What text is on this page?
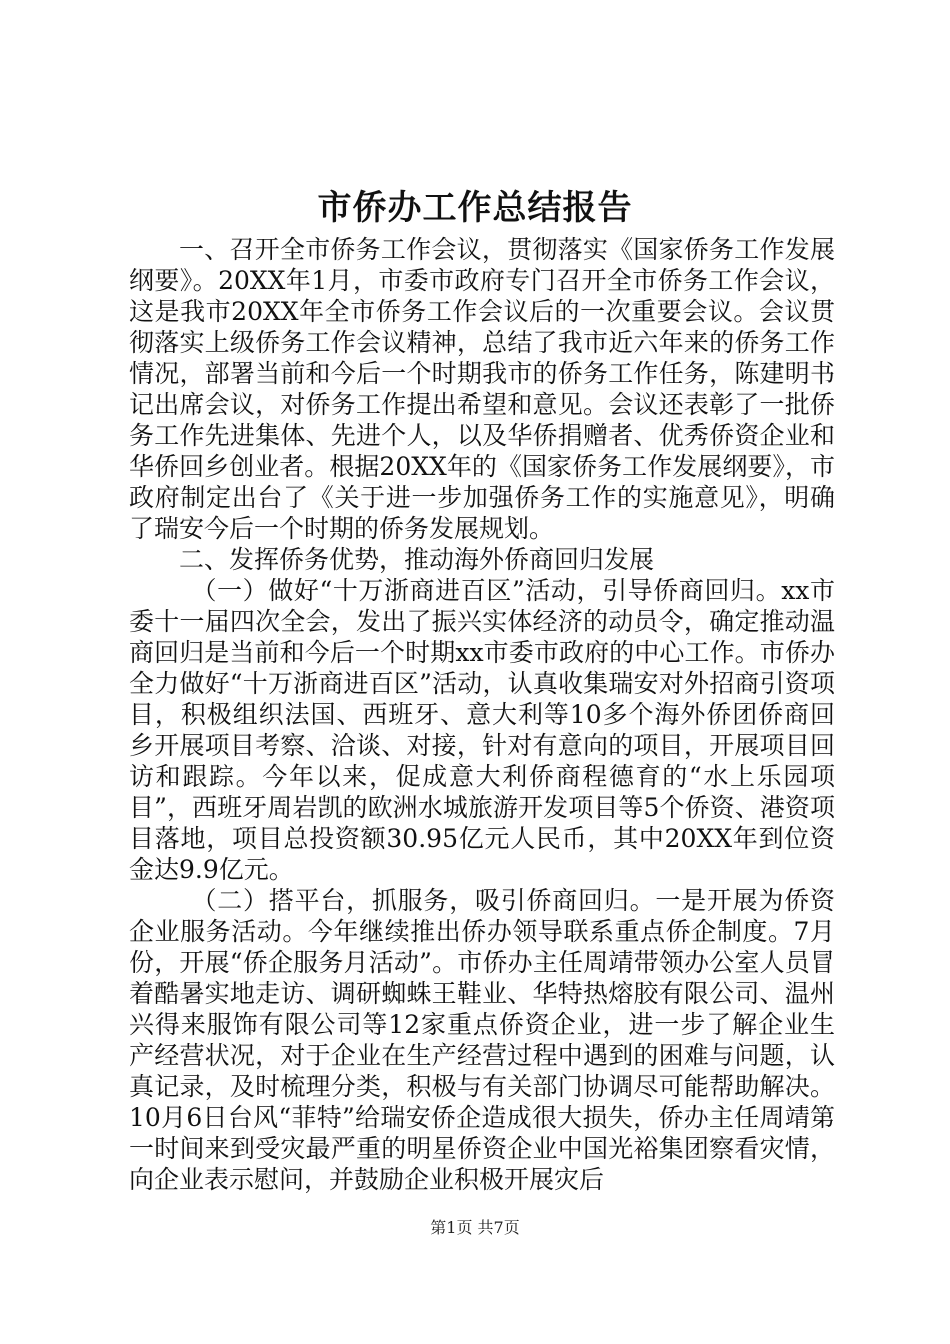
市侨办工作总结报告

一、召开全市侨务工作会议，贯彻落实《国家侨务工作发展纲要》。20XX年1月，市委市政府专门召开全市侨务工作会议，这是我市20XX年全市侨务工作会议后的一次重要会议。会议贯彻落实上级侨务工作会议精神，总结了我市近六年来的侨务工作情况，部署当前和今后一个时期我市的侨务工作任务，陈建明书记出席会议，对侨务工作提出希望和意见。会议还表彰了一批侨务工作先进集体、先进个人，以及华侨捐赠者、优秀侨资企业和华侨回乡创业者。根据20XX年的《国家侨务工作发展纲要》，市政府制定出台了《关于进一步加强侨务工作的实施意见》，明确了瑞安今后一个时期的侨务发展规划。

二、发挥侨务优势，推动海外侨商回归发展

（一）做好“十万浙商进百区”活动，引导侨商回归。xx市委十一届四次全会，发出了振兴实体经济的动员令，确定推动温商回归是当前和今后一个时期xx市委市政府的中心工作。市侨办全力做好“十万浙商进百区”活动，认真收集瑞安对外招商引资项目，积极组织法国、西班牙、意大利等10多个海外侨团侨商回乡开展项目考察、洽谈、对接，针对有意向的项目，开展项目回访和跟踪。今年以来，促成意大利侨商程德育的“水上乐园项目”，西班牙周岩凯的欧洲水城旅游开发项目等5个侨资、港资项目落地，项目总投资额30.95亿元人民币，其中20XX年到位资金达9.9亿元。

（二）搭平台，抓服务，吸引侨商回归。一是开展为侨资企业服务活动。今年继续推出侨办领导联系重点侨企制度。7月份，开展“侨企服务月活动”。市侨办主任周靖带领办公室人员冒着酷暑实地走访、调研蜘蛛王鞋业、华特热熔胶有限公司、温州兴得来服饰有限公司等12家重点侨资企业，进一步了解企业生产经营状况，对于企业在生产经营过程中遇到的困难与问题，认真记录，及时梳理分类，积极与有关部门协调尽可能帮助解决。10月6日台风“菲特”给瑞安侨企造成很大损失，侨办主任周靖第一时间来到受灾最严重的明星侨资企业中国光裕集团察看灾情，向企业表示慰问，并鼓励企业积极开展灾后

第1页 共7页
